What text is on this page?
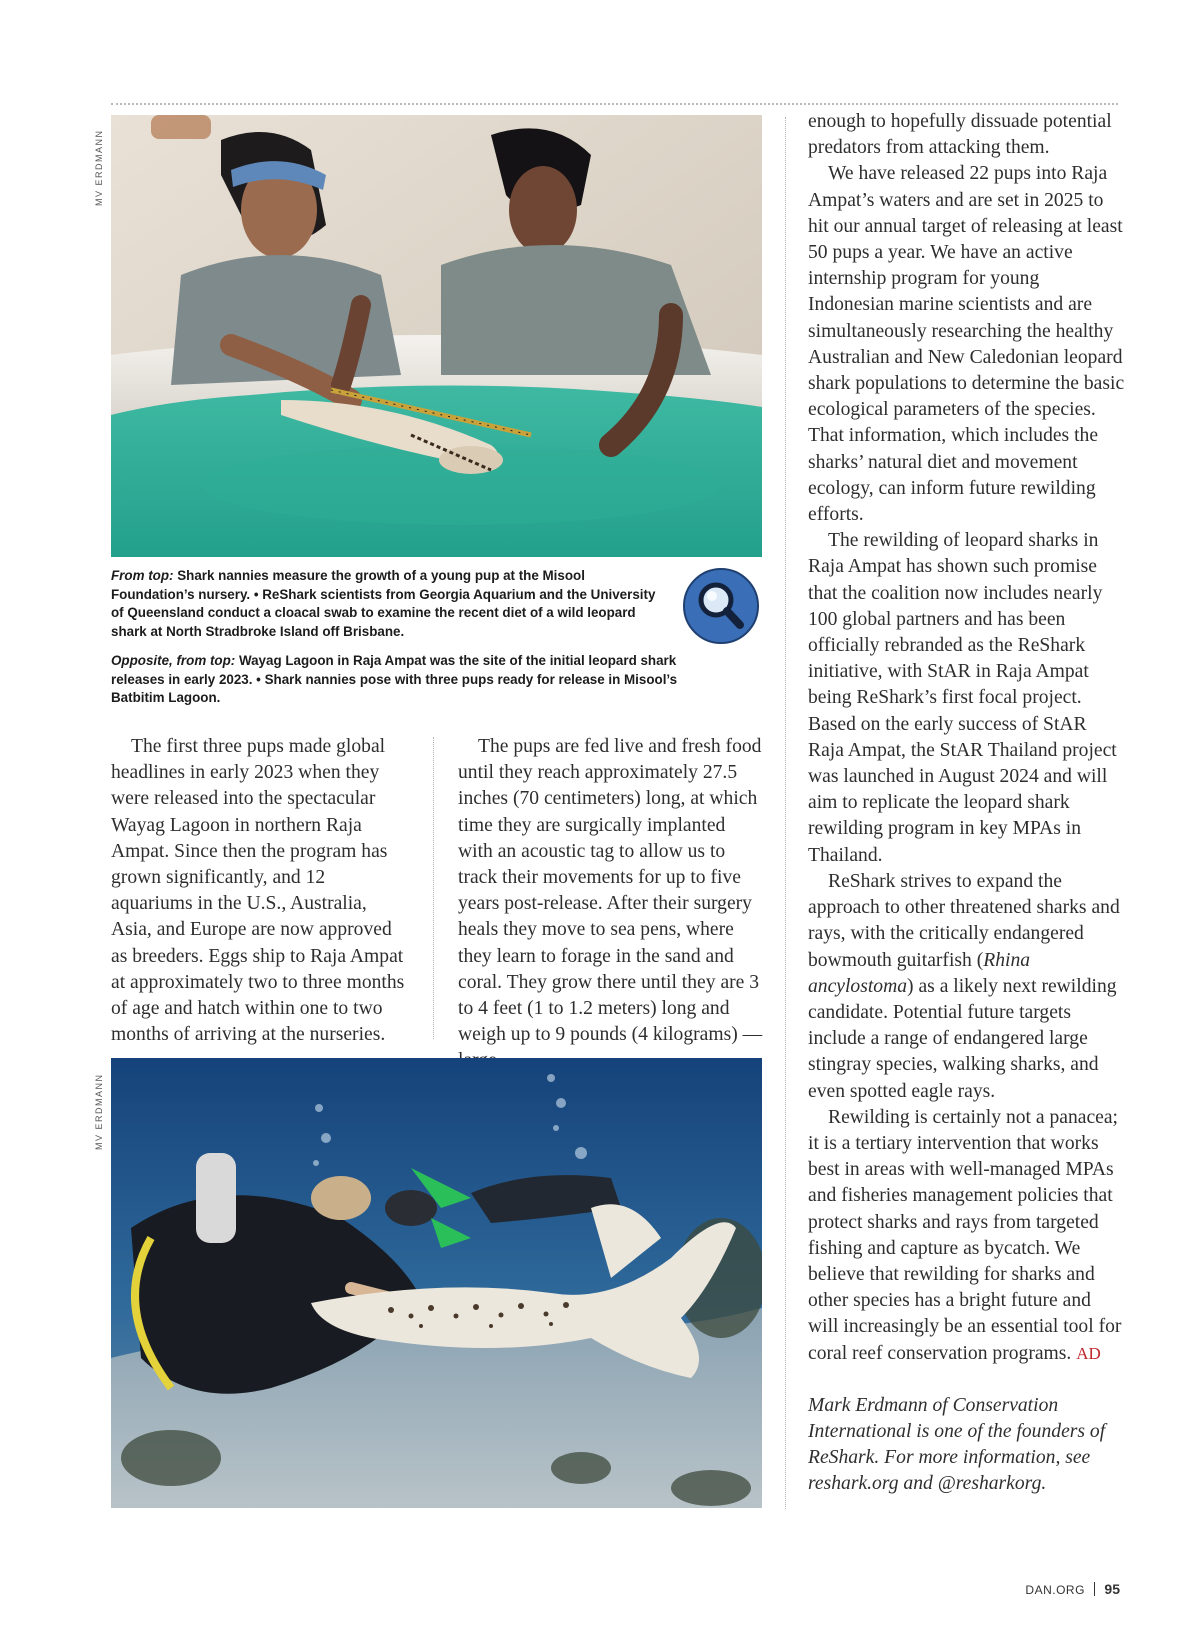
MV ERDMANN
From top: Shark nannies measure the growth of a young pup at the Misool Foundation’s nursery. • ReShark scientists from Georgia Aquarium and the University of Queensland conduct a cloacal swab to examine the recent diet of a wild leopard shark at North Stradbroke Island off Brisbane.
Opposite, from top: Wayag Lagoon in Raja Ampat was the site of the initial leopard shark releases in early 2023. • Shark nannies pose with three pups ready for release in Misool’s Batbitim Lagoon.

The first three pups made global headlines in early 2023 when they were released into the spectacular Wayag Lagoon in northern Raja Ampat. Since then the program has grown significantly, and 12 aquariums in the U.S., Australia, Asia, and Europe are now approved as breeders. Eggs ship to Raja Ampat at approximately two to three months of age and hatch within one to two months of arriving at the nurseries.

The pups are fed live and fresh food until they reach approximately 27.5 inches (70 centimeters) long, at which time they are surgically implanted with an acoustic tag to allow us to track their movements for up to five years post-release. After their surgery heals they move to sea pens, where they learn to forage in the sand and coral. They grow there until they are 3 to 4 feet (1 to 1.2 meters) long and weigh up to 9 pounds (4 kilograms) —

MV ERDMANN

enough to hopefully dissuade potential predators from attacking them.

We have released 22 pups into Raja Ampat’s waters and are set in 2025 to hit our annual target of releasing at least 50 pups a year. We have an active internship program for young Indonesian marine scientists and are simultaneously researching the healthy Australian and New Caledonian leopard shark populations to determine the basic ecological parameters of the species. That information, which includes the sharks’ natural diet and movement ecology, can inform future rewilding efforts.

The rewilding of leopard sharks in Raja Ampat has shown such promise that the coalition now includes nearly 100 global partners and has been officially rebranded as the ReShark initiative, with StAR in Raja Ampat being ReShark’s first focal project. Based on the early success of StAR Raja Ampat, the StAR Thailand project was launched in August 2024 and will aim to replicate the leopard shark rewilding program in key MPAs in Thailand.

ReShark strives to expand the approach to other threatened sharks and rays, with the critically endangered bowmouth guitarfish (Rhina ancylostoma) as a likely next rewilding candidate. Potential future targets include a range of endangered large stingray species, walking sharks, and even spotted eagle rays.

Rewilding is certainly not a panacea; it is a tertiary intervention that works best in areas with well-managed MPAs and fisheries management policies that protect sharks and rays from targeted fishing and capture as bycatch. We believe that rewilding for sharks and other species has a bright future and will increasingly be an essential tool for coral reef conservation programs. AD

Mark Erdmann of Conservation International is one of the founders of ReShark. For more information, see reshark.org and @resharkorg.

DAN.ORG 95
